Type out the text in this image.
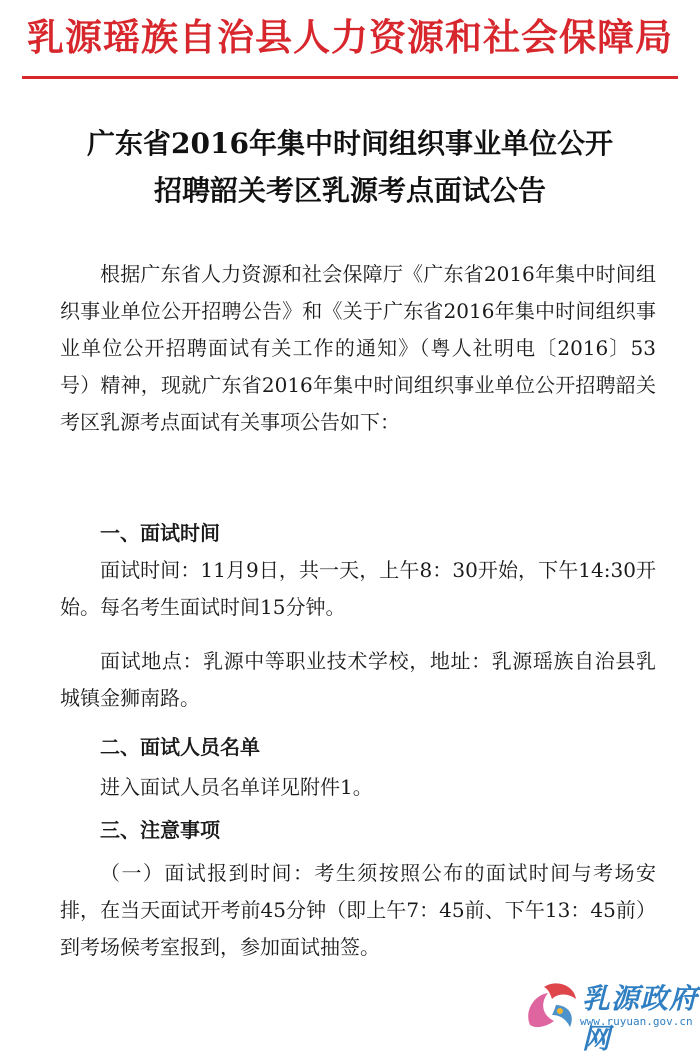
乳源瑶族自治县人力资源和社会保障局
广东省2016年集中时间组织事业单位公开
招聘韶关考区乳源考点面试公告
根据广东省人力资源和社会保障厅《广东省2016年集中时间组织事业单位公开招聘公告》和《关于广东省2016年集中时间组织事业单位公开招聘面试有关工作的通知》（粤人社明电〔2016〕53号）精神，现就广东省2016年集中时间组织事业单位公开招聘韶关考区乳源考点面试有关事项公告如下：
一、面试时间
面试时间：11月9日，共一天，上午8：30开始，下午14:30开始。每名考生面试时间15分钟。
面试地点：乳源中等职业技术学校，地址：乳源瑶族自治县乳城镇金狮南路。
二、面试人员名单
进入面试人员名单详见附件1。
三、注意事项
（一）面试报到时间：考生须按照公布的面试时间与考场安排，在当天面试开考前45分钟（即上午7：45前、下午13：45前）到考场候考室报到，参加面试抽签。
乳源政府网
www.ruyuan.gov.cn
